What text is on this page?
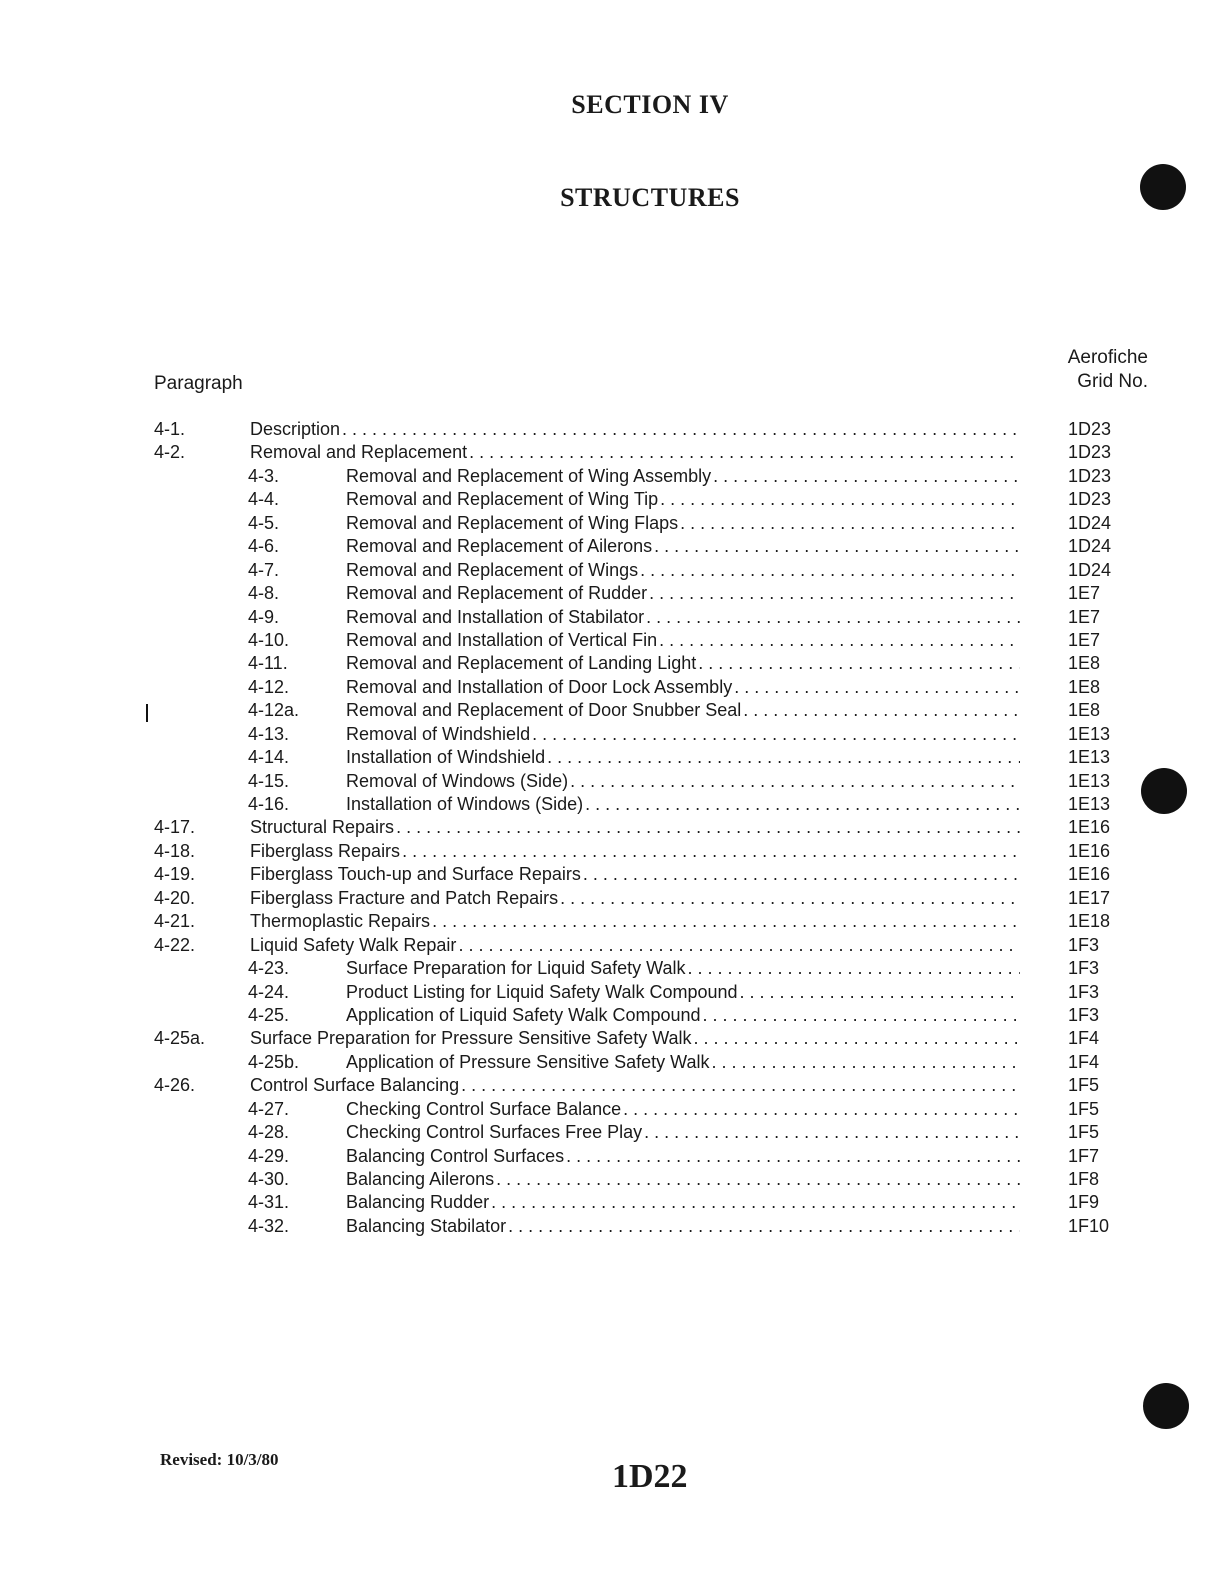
SECTION IV
STRUCTURES
Paragraph
Aerofiche
Grid No.
4-1.	Description . . .	1D23
4-2.	Removal and Replacement . . .	1D23
4-3.	Removal and Replacement of Wing Assembly . . .	1D23
4-4.	Removal and Replacement of Wing Tip . . .	1D23
4-5.	Removal and Replacement of Wing Flaps . . .	1D24
4-6.	Removal and Replacement of Ailerons . . .	1D24
4-7.	Removal and Replacement of Wings . . .	1D24
4-8.	Removal and Replacement of Rudder . . .	1E7
4-9.	Removal and Installation of Stabilator . . .	1E7
4-10.	Removal and Installation of Vertical Fin . . .	1E7
4-11.	Removal and Replacement of Landing Light . . .	1E8
4-12.	Removal and Installation of Door Lock Assembly . . .	1E8
4-12a.	Removal and Replacement of Door Snubber Seal . . .	1E8
4-13.	Removal of Windshield . . .	1E13
4-14.	Installation of Windshield . . .	1E13
4-15.	Removal of Windows (Side) . . .	1E13
4-16.	Installation of Windows (Side) . . .	1E13
4-17.	Structural Repairs . . .	1E16
4-18.	Fiberglass Repairs . . .	1E16
4-19.	Fiberglass Touch-up and Surface Repairs . . .	1E16
4-20.	Fiberglass Fracture and Patch Repairs . . .	1E17
4-21.	Thermoplastic Repairs . . .	1E18
4-22.	Liquid Safety Walk Repair . . .	1F3
4-23.	Surface Preparation for Liquid Safety Walk . . .	1F3
4-24.	Product Listing for Liquid Safety Walk Compound . . .	1F3
4-25.	Application of Liquid Safety Walk Compound . . .	1F3
4-25a. Surface Preparation for Pressure Sensitive Safety Walk . . .	1F4
4-25b.	Application of Pressure Sensitive Safety Walk . . .	1F4
4-26.	Control Surface Balancing . . .	1F5
4-27.	Checking Control Surface Balance . . .	1F5
4-28.	Checking Control Surfaces Free Play . . .	1F5
4-29.	Balancing Control Surfaces . . .	1F7
4-30.	Balancing Ailerons . . .	1F8
4-31.	Balancing Rudder . . .	1F9
4-32.	Balancing Stabilator . . .	1F10
Revised: 10/3/80	1D22
